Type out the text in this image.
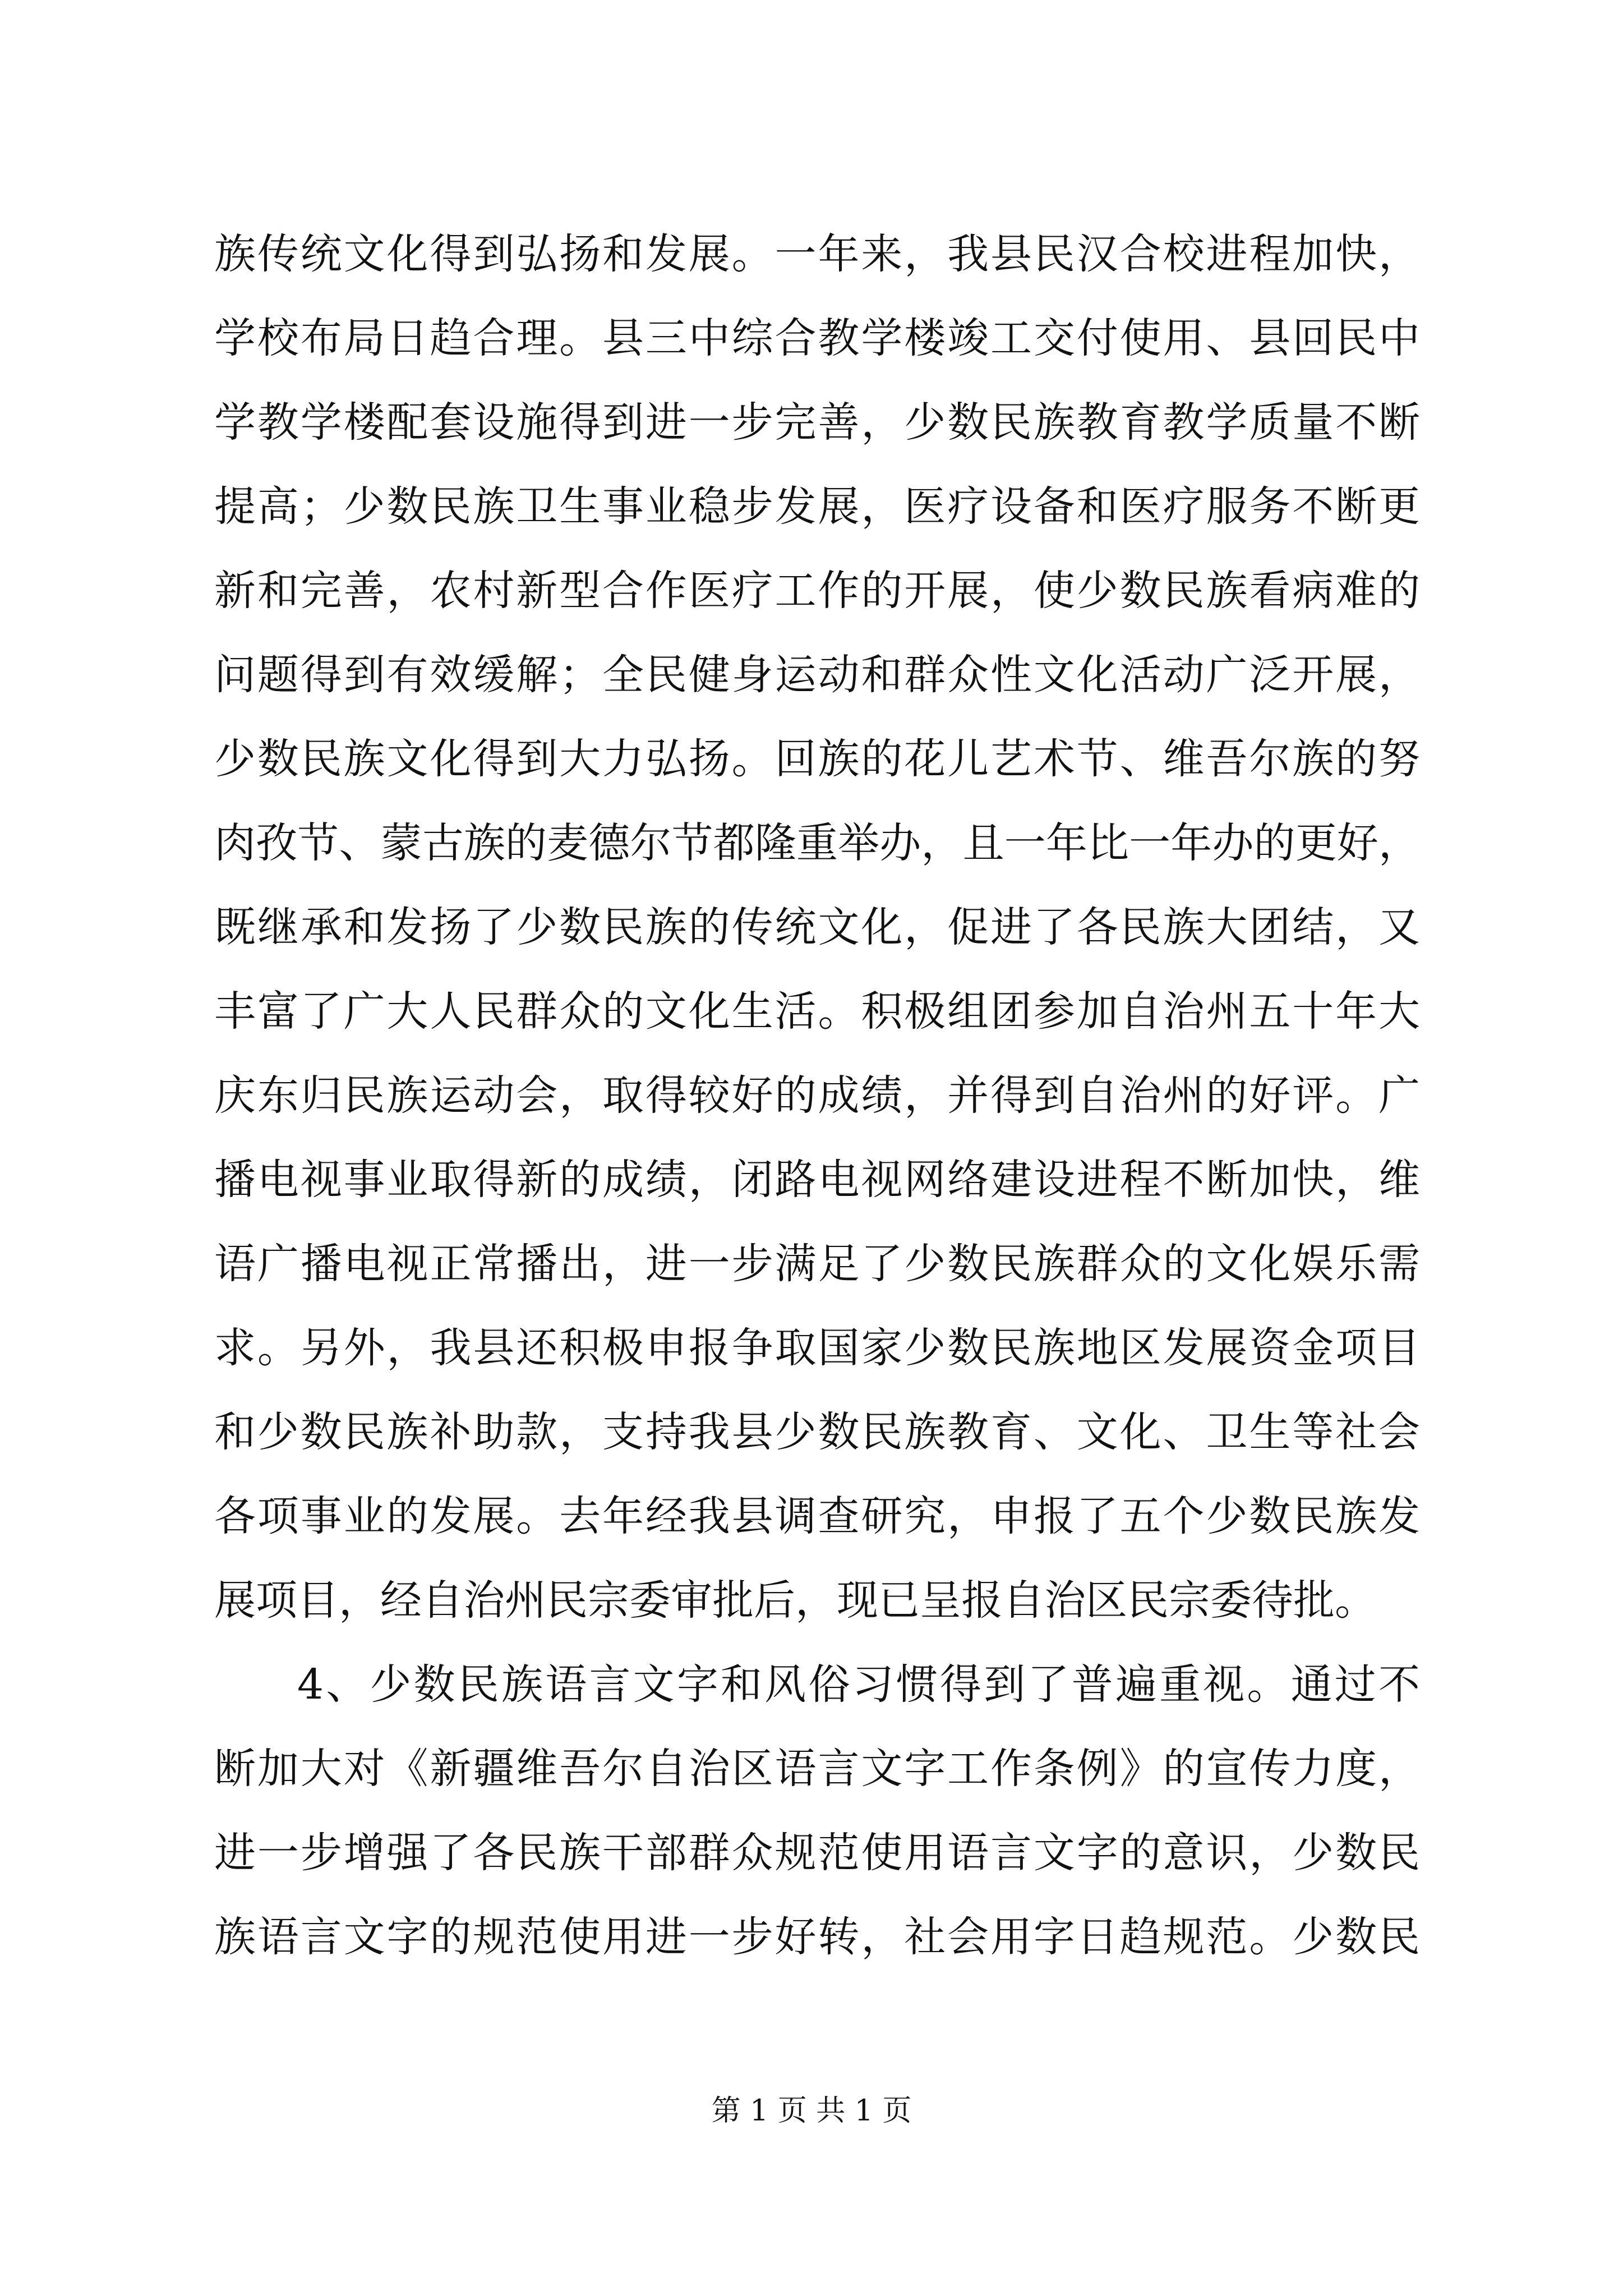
族传统文化得到弘扬和发展。一年来，我县民汉合校进程加快，
学校布局日趋合理。县三中综合教学楼竣工交付使用、县回民中
学教学楼配套设施得到进一步完善，少数民族教育教学质量不断
提高；少数民族卫生事业稳步发展，医疗设备和医疗服务不断更
新和完善，农村新型合作医疗工作的开展，使少数民族看病难的
问题得到有效缓解；全民健身运动和群众性文化活动广泛开展，
少数民族文化得到大力弘扬。回族的花儿艺术节、维吾尔族的努
肉孜节、蒙古族的麦德尔节都隆重举办，且一年比一年办的更好，
既继承和发扬了少数民族的传统文化，促进了各民族大团结，又
丰富了广大人民群众的文化生活。积极组团参加自治州五十年大
庆东归民族运动会，取得较好的成绩，并得到自治州的好评。广
播电视事业取得新的成绩，闭路电视网络建设进程不断加快，维
语广播电视正常播出，进一步满足了少数民族群众的文化娱乐需
求。另外，我县还积极申报争取国家少数民族地区发展资金项目
和少数民族补助款，支持我县少数民族教育、文化、卫生等社会
各项事业的发展。去年经我县调查研究，申报了五个少数民族发
展项目，经自治州民宗委审批后，现已呈报自治区民宗委待批。
4、少数民族语言文字和风俗习惯得到了普遍重视。通过不
断加大对《新疆维吾尔自治区语言文字工作条例》的宣传力度，
进一步增强了各民族干部群众规范使用语言文字的意识，少数民
族语言文字的规范使用进一步好转，社会用字日趋规范。少数民
第 1 页 共 1 页
